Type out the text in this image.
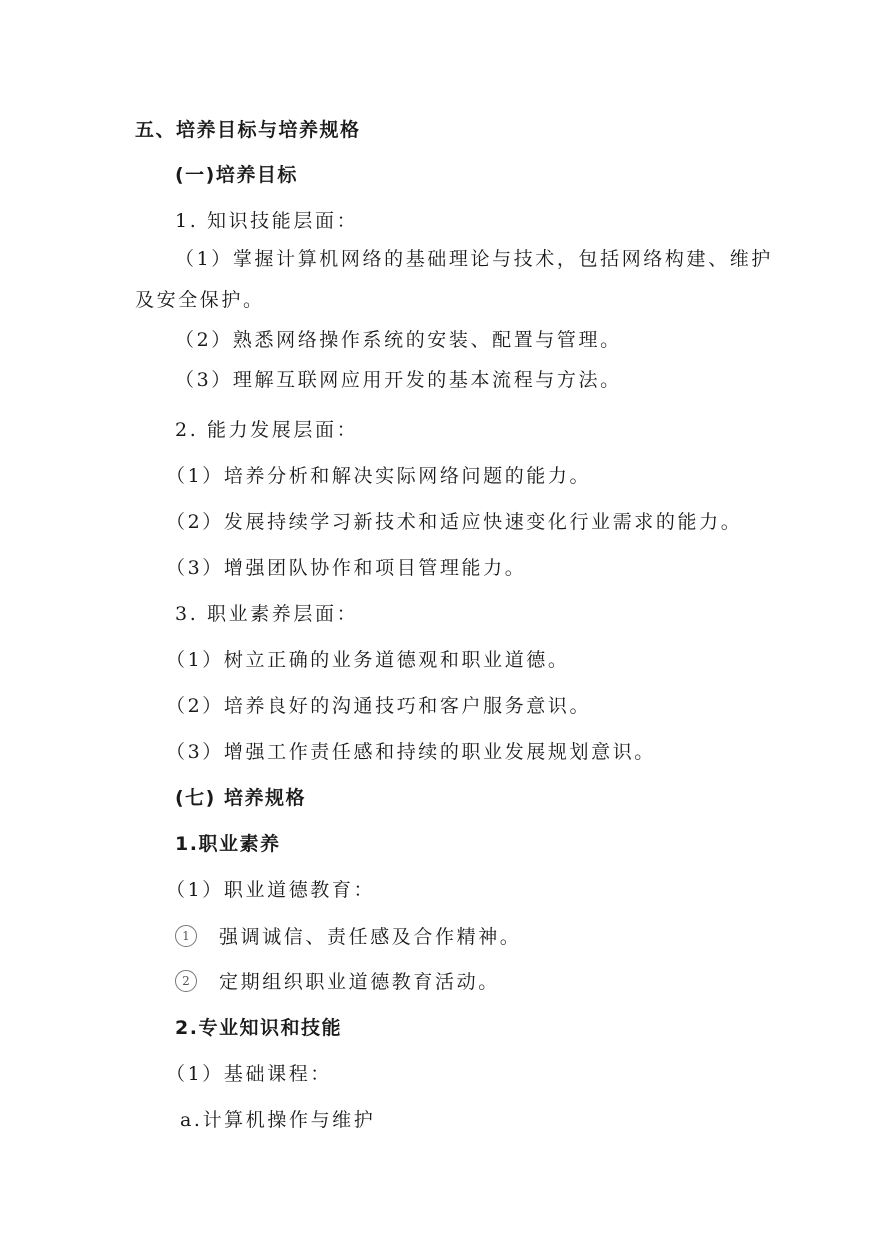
五、培养目标与培养规格
(一)培养目标
1. 知识技能层面：
（1）掌握计算机网络的基础理论与技术，包括网络构建、维护
及安全保护。
（2）熟悉网络操作系统的安装、配置与管理。
（3）理解互联网应用开发的基本流程与方法。
2. 能力发展层面：
（1）培养分析和解决实际网络问题的能力。
（2）发展持续学习新技术和适应快速变化行业需求的能力。
（3）增强团队协作和项目管理能力。
3. 职业素养层面：
（1）树立正确的业务道德观和职业道德。
（2）培养良好的沟通技巧和客户服务意识。
（3）增强工作责任感和持续的职业发展规划意识。
(七) 培养规格
1.职业素养
（1）职业道德教育：
1 强调诚信、责任感及合作精神。
2 定期组织职业道德教育活动。
2.专业知识和技能
（1）基础课程：
a.计算机操作与维护
